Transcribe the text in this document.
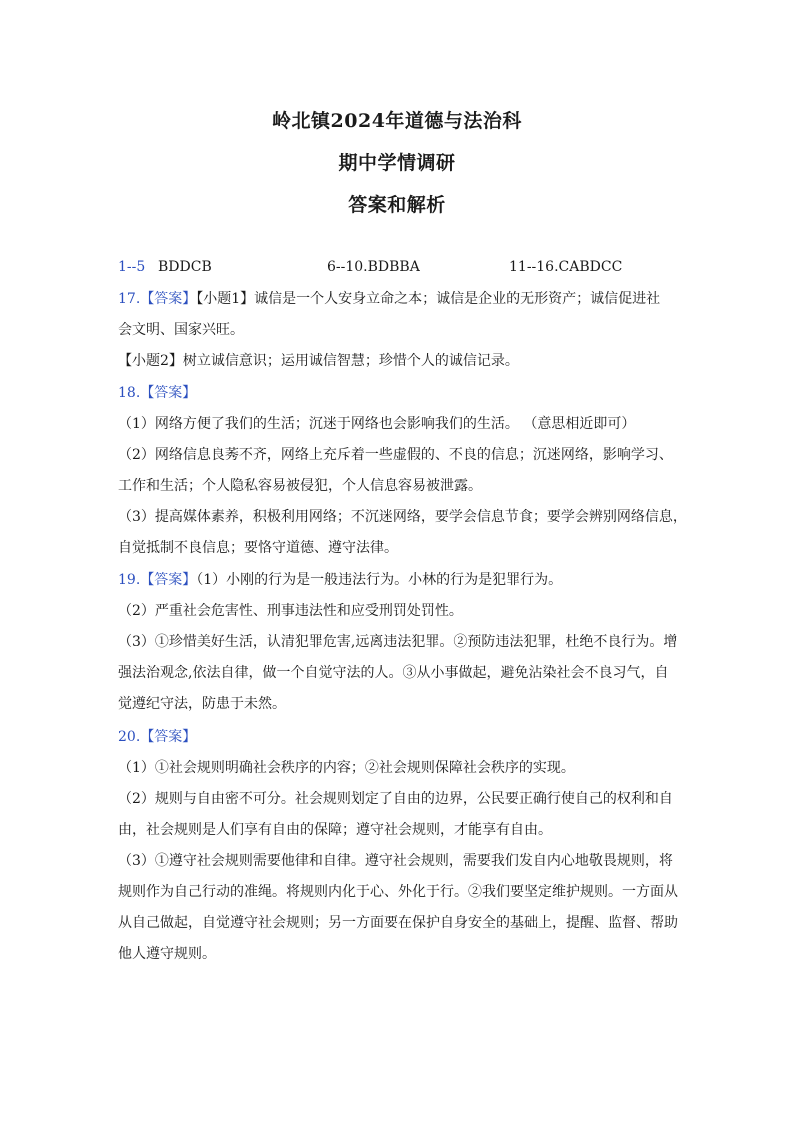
岭北镇2024年道德与法治科
期中学情调研
答案和解析
1--5 BDDCB	6--10.BDBBA	11--16.CABDCC
17.【答案】【小题1】诚信是一个人安身立命之本；诚信是企业的无形资产；诚信促进社
会文明、国家兴旺。
【小题2】树立诚信意识；运用诚信智慧；珍惜个人的诚信记录。
18.【答案】
（1）网络方便了我们的生活；沉迷于网络也会影响我们的生活。 （意思相近即可）
（2）网络信息良莠不齐，网络上充斥着一些虚假的、不良的信息；沉迷网络，影响学习、
工作和生活；个人隐私容易被侵犯，个人信息容易被泄露。
（3）提高媒体素养，积极利用网络；不沉迷网络，要学会信息节食；要学会辨别网络信息，
自觉抵制不良信息；要恪守道德、遵守法律。
19.【答案】（1）小刚的行为是一般违法行为。小林的行为是犯罪行为。
（2）严重社会危害性、刑事违法性和应受刑罚处罚性。
（3）①珍惜美好生活，认清犯罪危害,远离违法犯罪。②预防违法犯罪，杜绝不良行为。增
强法治观念,依法自律，做一个自觉守法的人。③从小事做起，避免沾染社会不良习气，自
觉遵纪守法，防患于未然。
20.【答案】
（1）①社会规则明确社会秩序的内容；②社会规则保障社会秩序的实现。
（2）规则与自由密不可分。社会规则划定了自由的边界，公民要正确行使自己的权利和自
由，社会规则是人们享有自由的保障；遵守社会规则，才能享有自由。
（3）①遵守社会规则需要他律和自律。遵守社会规则，需要我们发自内心地敬畏规则，将
规则作为自己行动的准绳。将规则内化于心、外化于行。②我们要坚定维护规则。一方面从
从自己做起，自觉遵守社会规则；另一方面要在保护自身安全的基础上，提醒、监督、帮助
他人遵守规则。
